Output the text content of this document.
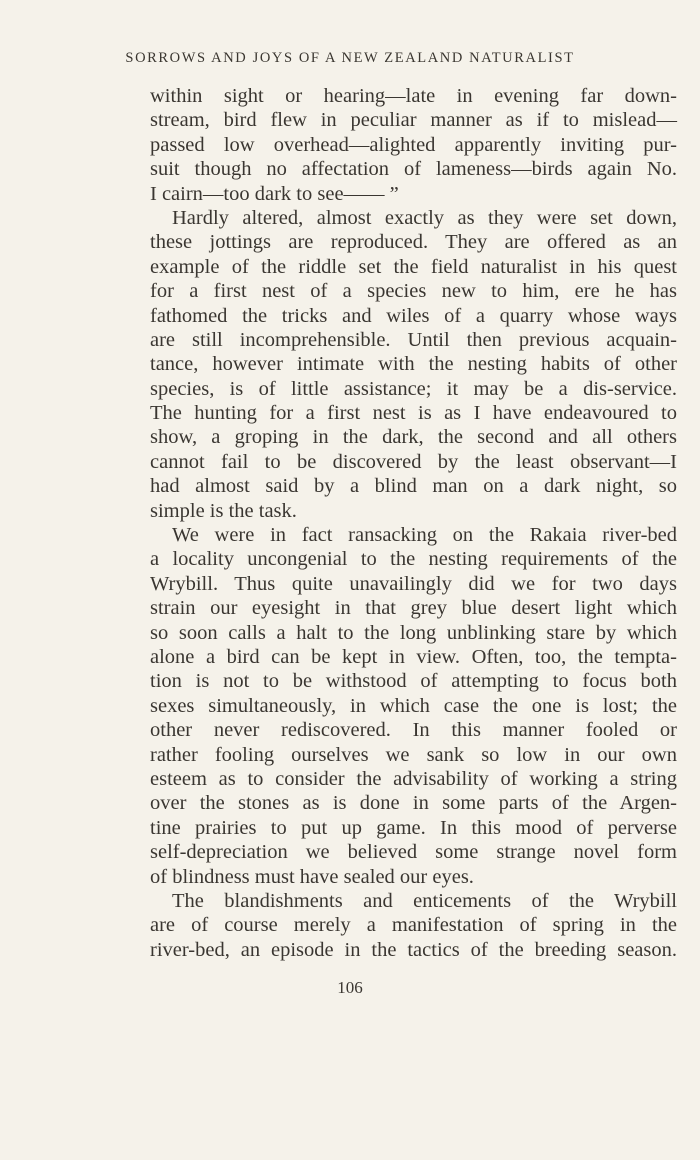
SORROWS AND JOYS OF A NEW ZEALAND NATURALIST
within sight or hearing—late in evening far down-
stream, bird flew in peculiar manner as if to mislead—
passed low overhead—alighted apparently inviting pur-
suit though no affectation of lameness—birds again No.
I cairn—too dark to see—— ”
Hardly altered, almost exactly as they were set down,
these jottings are reproduced. They are offered as an
example of the riddle set the field naturalist in his quest
for a first nest of a species new to him, ere he has
fathomed the tricks and wiles of a quarry whose ways
are still incomprehensible. Until then previous acquain-
tance, however intimate with the nesting habits of other
species, is of little assistance; it may be a dis-service.
The hunting for a first nest is as I have endeavoured to
show, a groping in the dark, the second and all others
cannot fail to be discovered by the least observant—I
had almost said by a blind man on a dark night, so
simple is the task.
We were in fact ransacking on the Rakaia river-bed
a locality uncongenial to the nesting requirements of the
Wrybill. Thus quite unavailingly did we for two days
strain our eyesight in that grey blue desert light which
so soon calls a halt to the long unblinking stare by which
alone a bird can be kept in view. Often, too, the tempta-
tion is not to be withstood of attempting to focus both
sexes simultaneously, in which case the one is lost; the
other never rediscovered. In this manner fooled or
rather fooling ourselves we sank so low in our own
esteem as to consider the advisability of working a string
over the stones as is done in some parts of the Argen-
tine prairies to put up game. In this mood of perverse
self-depreciation we believed some strange novel form
of blindness must have sealed our eyes.
The blandishments and enticements of the Wrybill
are of course merely a manifestation of spring in the
river-bed, an episode in the tactics of the breeding season.
106
